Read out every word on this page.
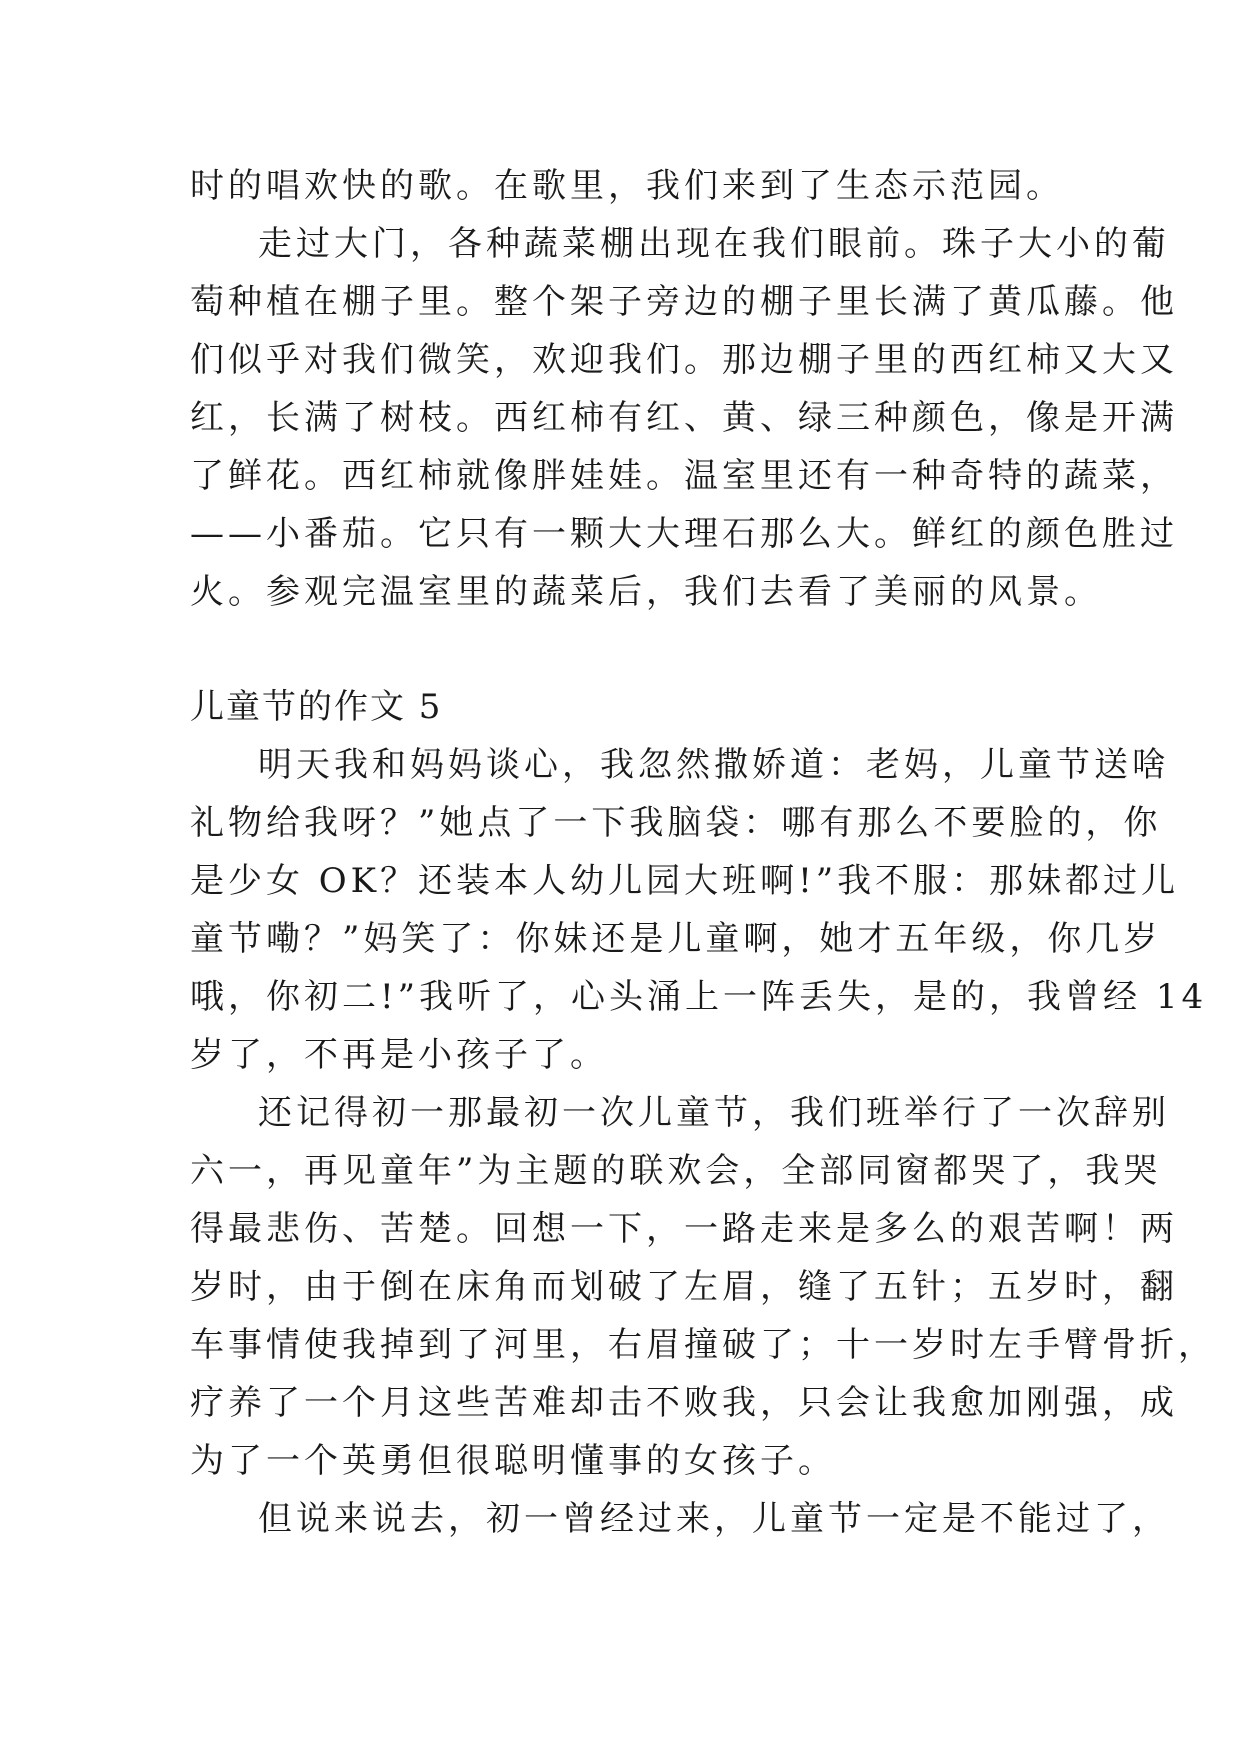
时的唱欢快的歌。在歌里，我们来到了生态示范园。
走过大门，各种蔬菜棚出现在我们眼前。珠子大小的葡
萄种植在棚子里。整个架子旁边的棚子里长满了黄瓜藤。他
们似乎对我们微笑，欢迎我们。那边棚子里的西红柿又大又
红，长满了树枝。西红柿有红、黄、绿三种颜色，像是开满
了鲜花。西红柿就像胖娃娃。温室里还有一种奇特的蔬菜，
——小番茄。它只有一颗大大理石那么大。鲜红的颜色胜过
火。参观完温室里的蔬菜后，我们去看了美丽的风景。
儿童节的作文 5
明天我和妈妈谈心，我忽然撒娇道：老妈，儿童节送啥
礼物给我呀？”她点了一下我脑袋：哪有那么不要脸的，你
是少女 OK？还装本人幼儿园大班啊!”我不服：那妹都过儿
童节嘞？”妈笑了：你妹还是儿童啊，她才五年级，你几岁
哦，你初二!”我听了，心头涌上一阵丢失，是的，我曾经 14
岁了，不再是小孩子了。
还记得初一那最初一次儿童节，我们班举行了一次辞别
六一，再见童年”为主题的联欢会，全部同窗都哭了，我哭
得最悲伤、苦楚。回想一下，一路走来是多么的艰苦啊！两
岁时，由于倒在床角而划破了左眉，缝了五针；五岁时，翻
车事情使我掉到了河里，右眉撞破了；十一岁时左手臂骨折，
疗养了一个月这些苦难却击不败我，只会让我愈加刚强，成
为了一个英勇但很聪明懂事的女孩子。
但说来说去，初一曾经过来，儿童节一定是不能过了，
